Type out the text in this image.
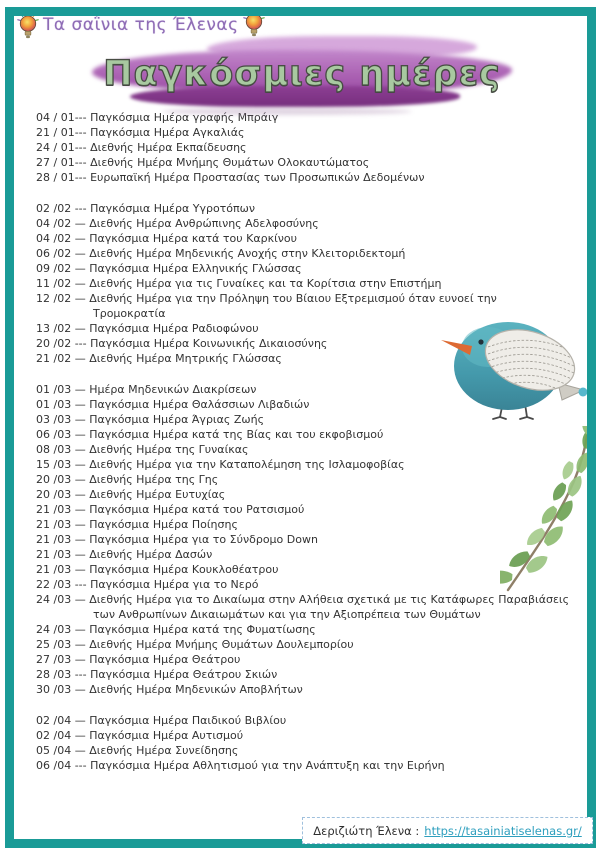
Τα σαΐνια της Έλενας
Παγκόσμιες ημέρες
04 / 01--- Παγκόσμια Ημέρα γραφής Μπράιγ
21 / 01--- Παγκόσμια Ημέρα Αγκαλιάς
24 / 01--- Διεθνής Ημέρα Εκπαίδευσης
27 / 01--- Διεθνής Ημέρα Μνήμης Θυμάτων Ολοκαυτώματος
28 / 01--- Ευρωπαϊκή Ημέρα Προστασίας των Προσωπικών Δεδομένων
02 /02 --- Παγκόσμια Ημέρα Υγροτόπων
04 /02 — Διεθνής Ημέρα Ανθρώπινης Αδελφοσύνης
04 /02 — Παγκόσμια Ημέρα κατά του Καρκίνου
06 /02 — Διεθνής Ημέρα Μηδενικής Ανοχής στην Κλειτοριδεκτομή
09 /02 — Παγκόσμια Ημέρα Ελληνικής Γλώσσας
11 /02 — Διεθνής Ημέρα για τις Γυναίκες και τα Κορίτσια στην Επιστήμη
12 /02 — Διεθνής Ημέρα για την Πρόληψη του Βίαιου Εξτρεμισμού όταν ευνοεί την Τρομοκρατία
13 /02 — Παγκόσμια Ημέρα Ραδιοφώνου
20 /02 --- Παγκόσμια Ημέρα Κοινωνικής Δικαιοσύνης
21 /02 — Διεθνής Ημέρα Μητρικής Γλώσσας
01 /03 — Ημέρα Μηδενικών Διακρίσεων
01 /03 — Παγκόσμια Ημέρα Θαλάσσιων Λιβαδιών
03 /03 — Παγκόσμια Ημέρα Άγριας Ζωής
06 /03 — Παγκόσμια Ημέρα κατά της Βίας και του εκφοβισμού
08 /03 — Διεθνής Ημέρα της Γυναίκας
15 /03 — Διεθνής Ημέρα για την Καταπολέμηση της Ισλαμοφοβίας
20 /03 — Διεθνής Ημέρα της Γης
20 /03 — Διεθνής Ημέρα Ευτυχίας
21 /03 — Παγκόσμια Ημέρα κατά του Ρατσισμού
21 /03 — Παγκόσμια Ημέρα Ποίησης
21 /03 — Παγκόσμια Ημέρα για το Σύνδρομο Down
21 /03 — Διεθνής Ημέρα Δασών
21 /03 — Παγκόσμια Ημέρα Κουκλοθέατρου
22 /03 --- Παγκόσμια Ημέρα για το Νερό
24 /03 — Διεθνής Ημέρα για το Δικαίωμα στην Αλήθεια σχετικά με τις Κατάφωρες Παραβιάσεις των Ανθρωπίνων Δικαιωμάτων και για την Αξιοπρέπεια των Θυμάτων
24 /03 — Παγκόσμια Ημέρα κατά της Φυματίωσης
25 /03 — Διεθνής Ημέρα Μνήμης Θυμάτων Δουλεμπορίου
27 /03 — Παγκόσμια Ημέρα Θεάτρου
28 /03 --- Παγκόσμια Ημέρα Θεάτρου Σκιών
30 /03 — Διεθνής Ημέρα Μηδενικών Αποβλήτων
02 /04 — Παγκόσμια Ημέρα Παιδικού Βιβλίου
02 /04 — Παγκόσμια Ημέρα Αυτισμού
05 /04 — Διεθνής Ημέρα Συνείδησης
06 /04 --- Παγκόσμια Ημέρα Αθλητισμού για την Ανάπτυξη και την Ειρήνη
Δεριζιώτη Έλενα : https://tasainiatiselenas.gr/
